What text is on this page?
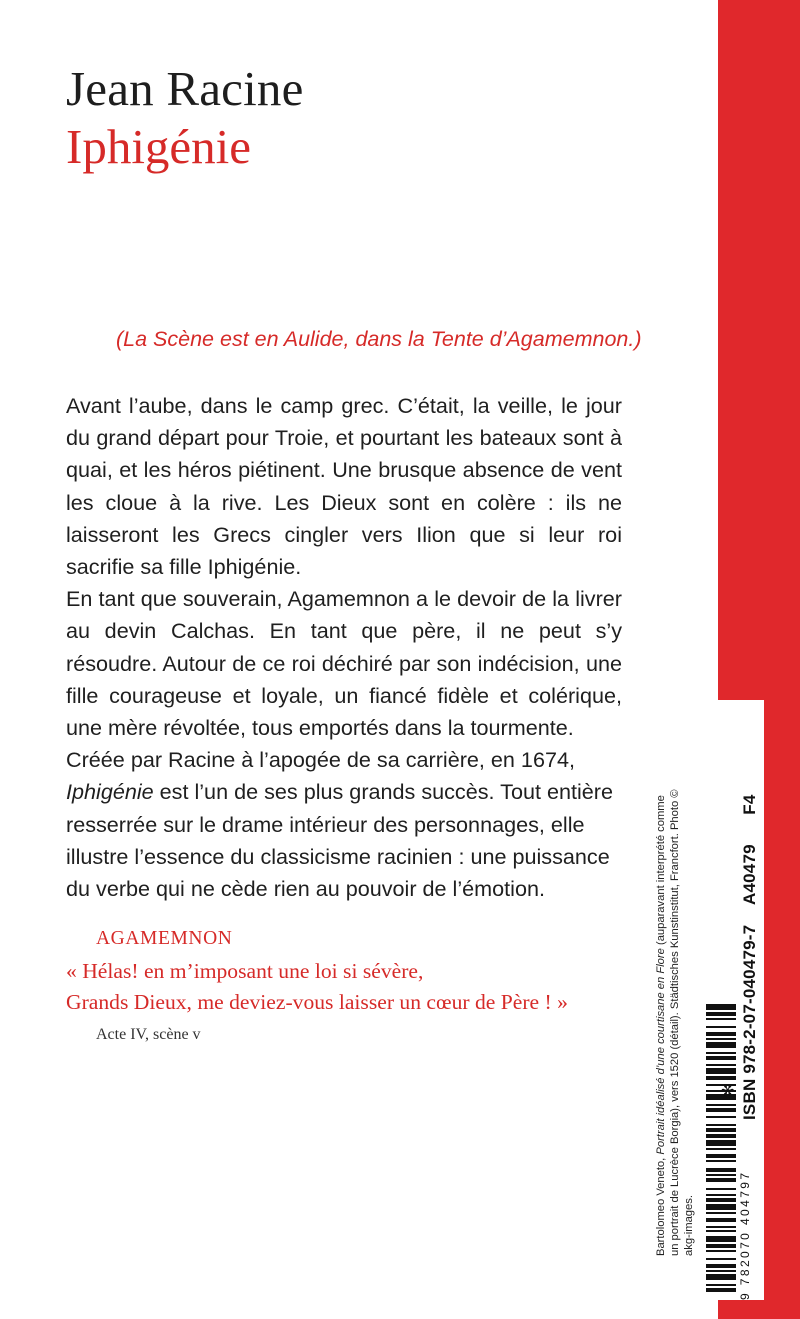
Jean Racine
Iphigénie
(La Scène est en Aulide, dans la Tente d’Agamemnon.)

Avant l’aube, dans le camp grec. C’était, la veille, le jour du grand départ pour Troie, et pourtant les bateaux sont à quai, et les héros piétinent. Une brusque absence de vent les cloue à la rive. Les Dieux sont en colère : ils ne laisseront les Grecs cingler vers Ilion que si leur roi sacrifie sa fille Iphigénie.

En tant que souverain, Agamemnon a le devoir de la livrer au devin Calchas. En tant que père, il ne peut s’y résoudre. Autour de ce roi déchiré par son indécision, une fille courageuse et loyale, un fiancé fidèle et colérique, une mère révoltée, tous emportés dans la tourmente.

Créée par Racine à l’apogée de sa carrière, en 1674,
Iphigénie est l’un de ses plus grands succès. Tout entière resserrée sur le drame intérieur des personnages, elle illustre l’essence du classicisme racinien : une puissance du verbe qui ne cède rien au pouvoir de l’émotion.

AGAMEMNON
« Hélas! en m’imposant une loi si sévère,
Grands Dieux, me deviez-vous laisser un cœur de Père ! »
Acte IV, scène v
Bartolomeo Veneto, Portrait idéalisé d’une courtisane en Flore (auparavant interprété comme un portrait de Lucrèce Borgia), vers 1520 (détail). Städtisches Kunstinstitut, Francfort. Photo © akg-images.
✻ ISBN 978-2-07-040479-7    A40479      F4
9 782070 404797
